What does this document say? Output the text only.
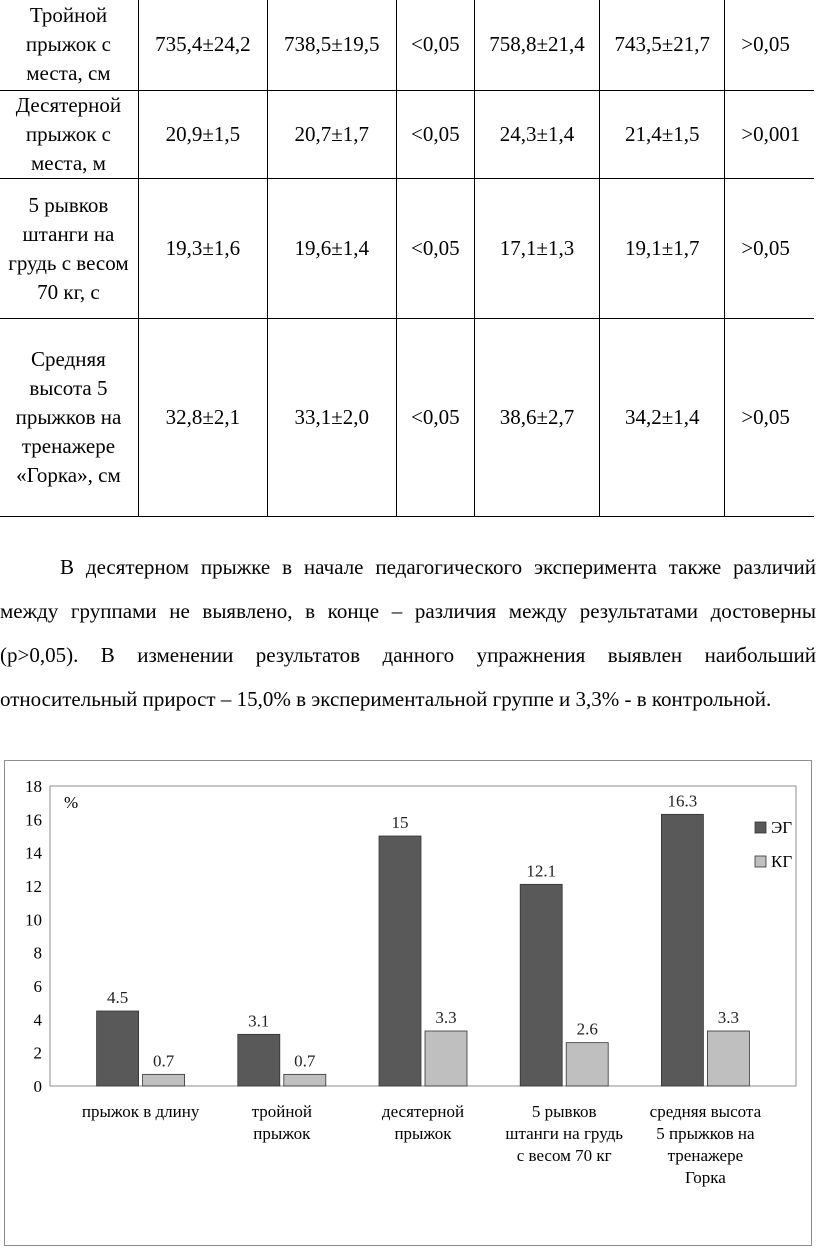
Тройной прыжок с места, см	735,4±24,2	738,5±19,5	<0,05	758,8±21,4	743,5±21,7	>0,05
Десятерной прыжок с места, м	20,9±1,5	20,7±1,7	<0,05	24,3±1,4	21,4±1,5	>0,001
5 рывков штанги на грудь с весом 70 кг, с	19,3±1,6	19,6±1,4	<0,05	17,1±1,3	19,1±1,7	>0,05
Средняя высота 5 прыжков на тренажере «Горка», см	32,8±2,1	33,1±2,0	<0,05	38,6±2,7	34,2±1,4	>0,05

В десятерном прыжке в начале педагогического эксперимента также различий между группами не выявлено, в конце – различия между результатами достоверны (p>0,05). В изменении результатов данного упражнения выявлен наибольший относительный прирост – 15,0% в экспериментальной группе и 3,3% - в контрольной.

0
2
4
6
8
10
12
14
16
18
%
4.5
0.7
прыжок в длину
3.1
0.7
тройной
прыжок
15
3.3
десятерной
прыжок
12.1
2.6
5 рывков
штанги на грудь
с весом 70 кг
16.3
3.3
средняя высота
5 прыжков на
тренажере
Горка
ЭГ
КГ
